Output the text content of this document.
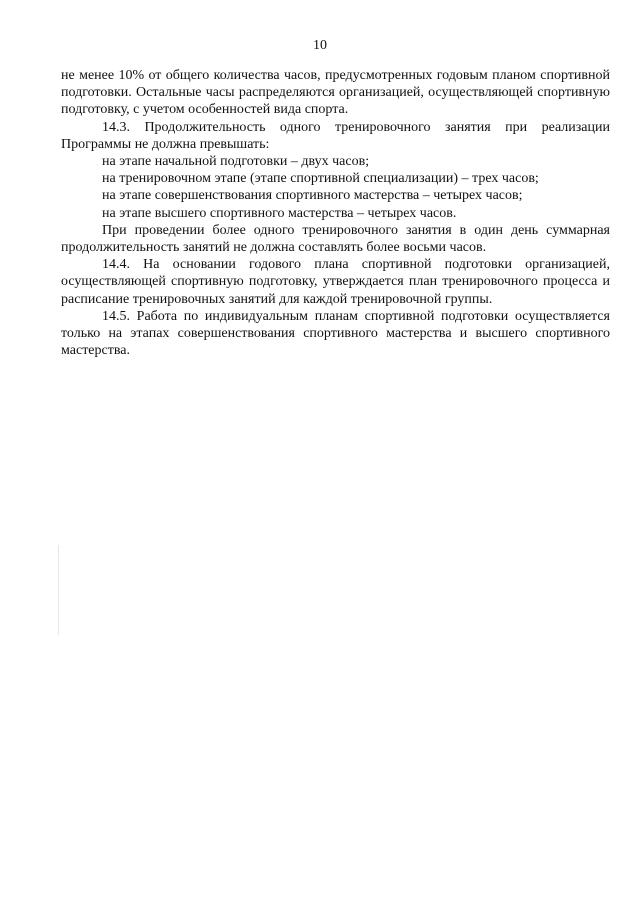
10

не менее 10% от общего количества часов, предусмотренных годовым планом спортивной подготовки. Остальные часы распределяются организацией, осуществляющей спортивную подготовку, с учетом особенностей вида спорта.

14.3. Продолжительность одного тренировочного занятия при реализации Программы не должна превышать:

на этапе начальной подготовки – двух часов;

на тренировочном этапе (этапе спортивной специализации) – трех часов;

на этапе совершенствования спортивного мастерства – четырех часов;

на этапе высшего спортивного мастерства – четырех часов.

При проведении более одного тренировочного занятия в один день суммарная продолжительность занятий не должна составлять более восьми часов.

14.4. На основании годового плана спортивной подготовки организацией, осуществляющей спортивную подготовку, утверждается план тренировочного процесса и расписание тренировочных занятий для каждой тренировочной группы.

14.5. Работа по индивидуальным планам спортивной подготовки осуществляется только на этапах совершенствования спортивного мастерства и высшего спортивного мастерства.
